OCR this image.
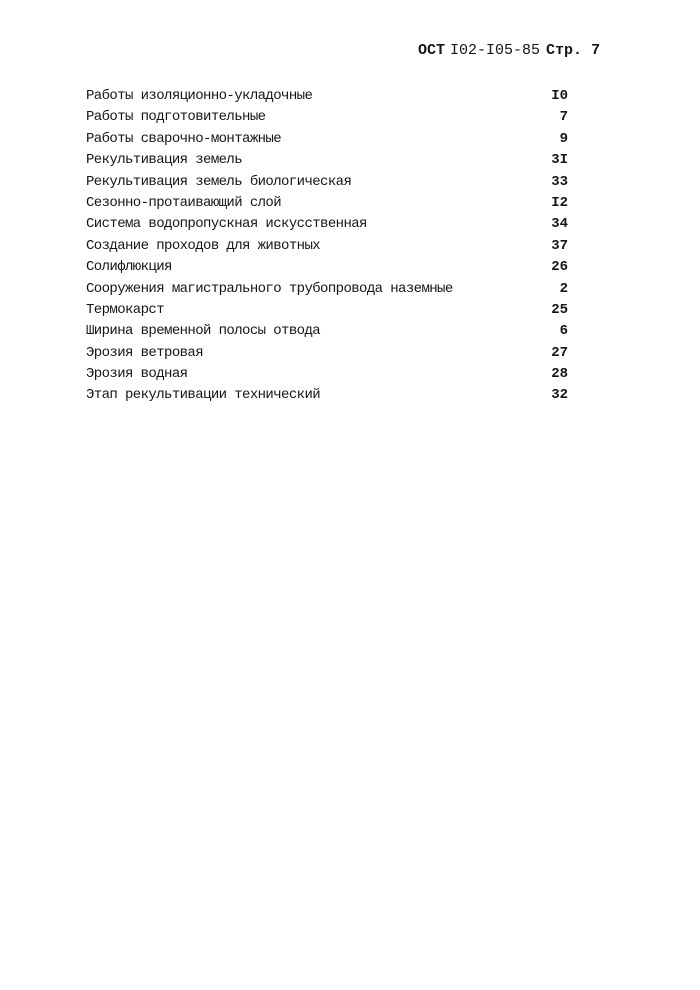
ОСТ I02-I05-85 Стр. 7
Работы изоляционно-укладочные	I0
Работы подготовительные	7
Работы сварочно-монтажные	9
Рекультивация земель	3I
Рекультивация земель биологическая	33
Сезонно-протаивающий слой	I2
Система водопропускная искусственная	34
Создание проходов для животных	37
Солифлюкция	26
Сооружения магистрального трубопровода наземные	2
Термокарст	25
Ширина временной полосы отвода	6
Эрозия ветровая	27
Эрозия водная	28
Этап рекультивации технический	32
